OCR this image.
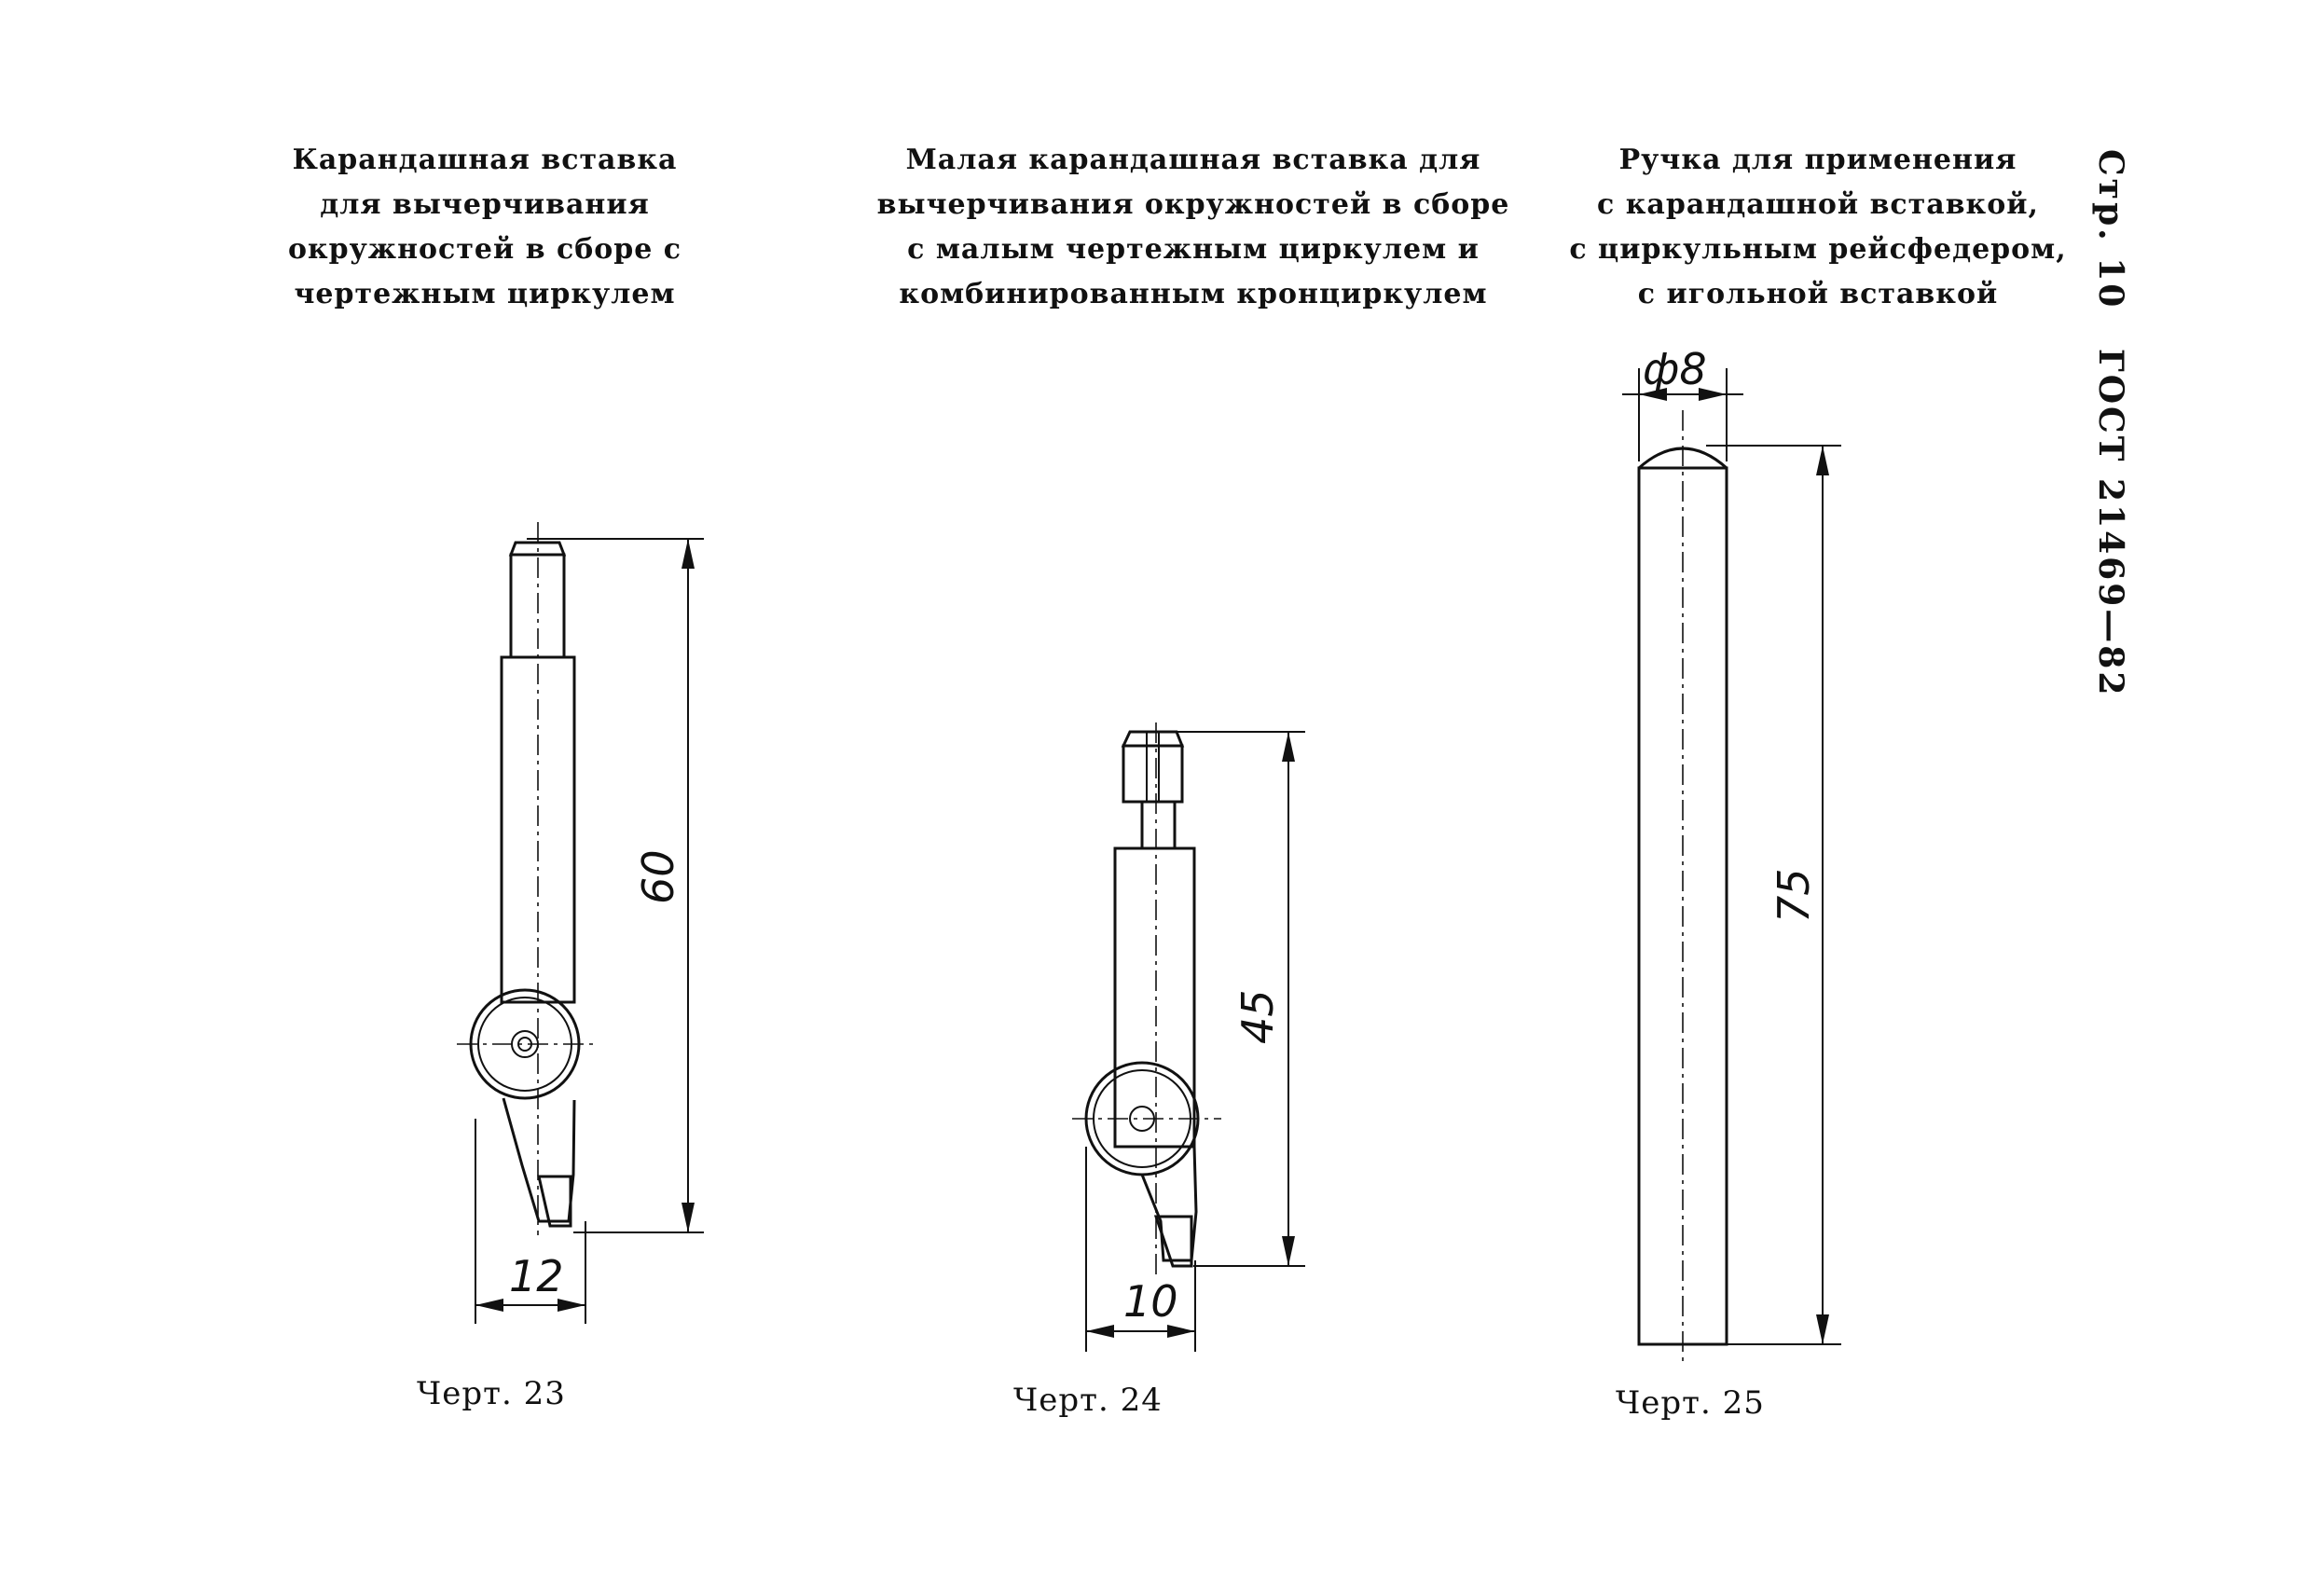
Карандашная вставка
для вычерчивания
окружностей в сборе с
чертежным циркулем
Малая карандашная вставка для
вычерчивания окружностей в сборе
с малым чертежным циркулем и
комбинированным кронциркулем
Ручка для применения
с карандашной вставкой,
с циркульным рейсфедером,
с игольной вставкой	Стр. 10 ГОСТ 21469—82
60
12
45
10
ф8
75
Черт. 23	Черт. 24	Черт. 25
